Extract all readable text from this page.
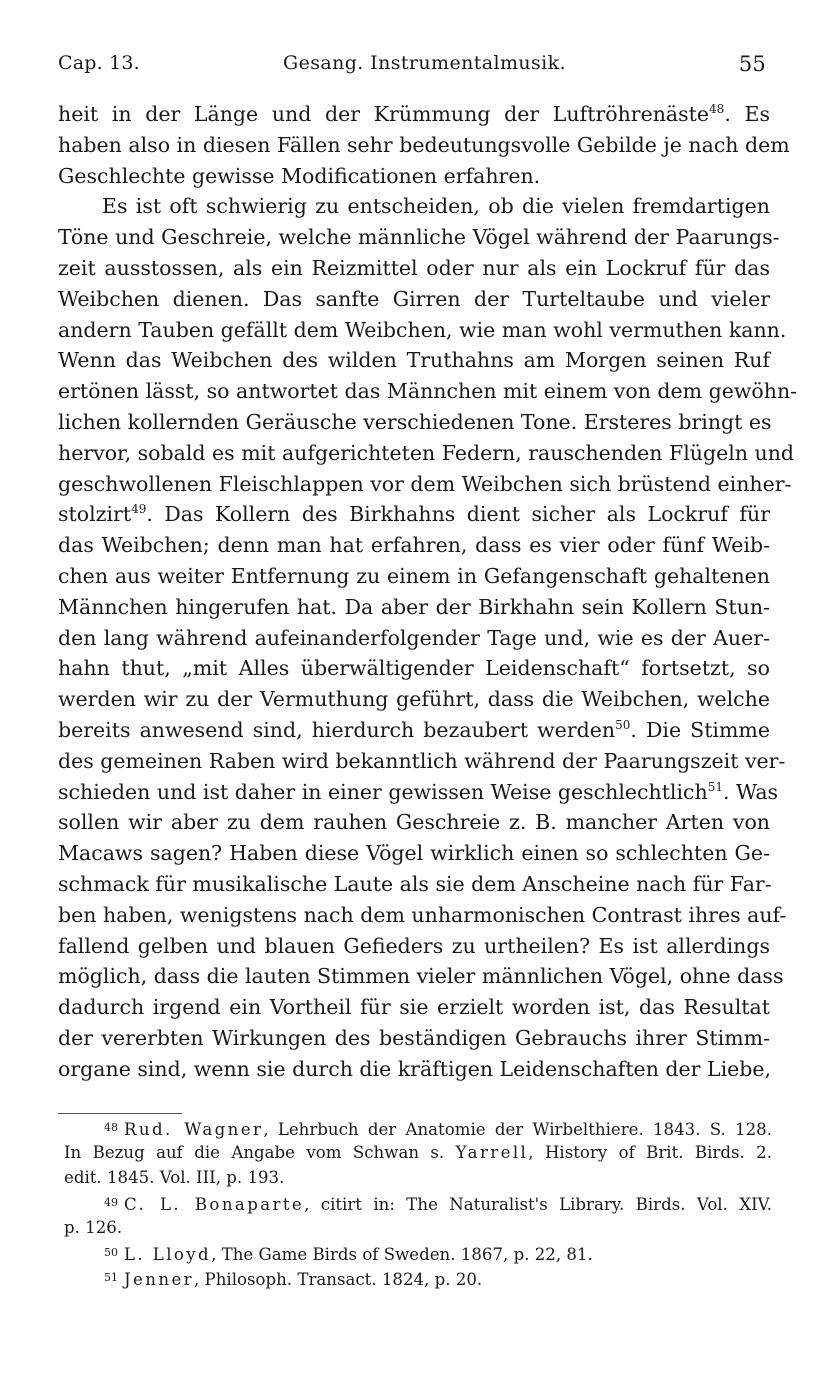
Cap. 13.	Gesang. Instrumentalmusik.	55
heit in der Länge und der Krümmung der Luftröhrenäste$^{48}$. Es
haben also in diesen Fällen sehr bedeutungsvolle Gebilde je nach dem
Geschlechte gewisse Modificationen erfahren.
Es ist oft schwierig zu entscheiden, ob die vielen fremdartigen
Töne und Geschreie, welche männliche Vögel während der Paarungs-
zeit ausstossen, als ein Reizmittel oder nur als ein Lockruf für das
Weibchen dienen. Das sanfte Girren der Turteltaube und vieler
andern Tauben gefällt dem Weibchen, wie man wohl vermuthen kann.
Wenn das Weibchen des wilden Truthahns am Morgen seinen Ruf
ertönen lässt, so antwortet das Männchen mit einem von dem gewöhn-
lichen kollernden Geräusche verschiedenen Tone. Ersteres bringt es
hervor, sobald es mit aufgerichteten Federn, rauschenden Flügeln und
geschwollenen Fleischlappen vor dem Weibchen sich brüstend einher-
stolzirt$^{49}$. Das Kollern des Birkhahns dient sicher als Lockruf für
das Weibchen; denn man hat erfahren, dass es vier oder fünf Weib-
chen aus weiter Entfernung zu einem in Gefangenschaft gehaltenen
Männchen hingerufen hat. Da aber der Birkhahn sein Kollern Stun-
den lang während aufeinanderfolgender Tage und, wie es der Auer-
hahn thut, „mit Alles überwältigender Leidenschaft“ fortsetzt, so
werden wir zu der Vermuthung geführt, dass die Weibchen, welche
bereits anwesend sind, hierdurch bezaubert werden$^{50}$. Die Stimme
des gemeinen Raben wird bekanntlich während der Paarungszeit ver-
schieden und ist daher in einer gewissen Weise geschlechtlich$^{51}$. Was
sollen wir aber zu dem rauhen Geschreie z. B. mancher Arten von
Macaws sagen? Haben diese Vögel wirklich einen so schlechten Ge-
schmack für musikalische Laute als sie dem Anscheine nach für Far-
ben haben, wenigstens nach dem unharmonischen Contrast ihres auf-
fallend gelben und blauen Gefieders zu urtheilen? Es ist allerdings
möglich, dass die lauten Stimmen vieler männlichen Vögel, ohne dass
dadurch irgend ein Vortheil für sie erzielt worden ist, das Resultat
der vererbten Wirkungen des beständigen Gebrauchs ihrer Stimm-
organe sind, wenn sie durch die kräftigen Leidenschaften der Liebe,
$^{48}$ Rud. Wagner, Lehrbuch der Anatomie der Wirbelthiere. 1843. S. 128.
In Bezug auf die Angabe vom Schwan s. Yarrell, History of Brit. Birds. 2.
edit. 1845. Vol. III, p. 193.
$^{49}$ C. L. Bonaparte, citirt in: The Naturalist's Library. Birds. Vol. XIV.
p. 126.
$^{50}$ L. Lloyd, The Game Birds of Sweden. 1867, p. 22, 81.
$^{51}$ Jenner, Philosoph. Transact. 1824, p. 20.
